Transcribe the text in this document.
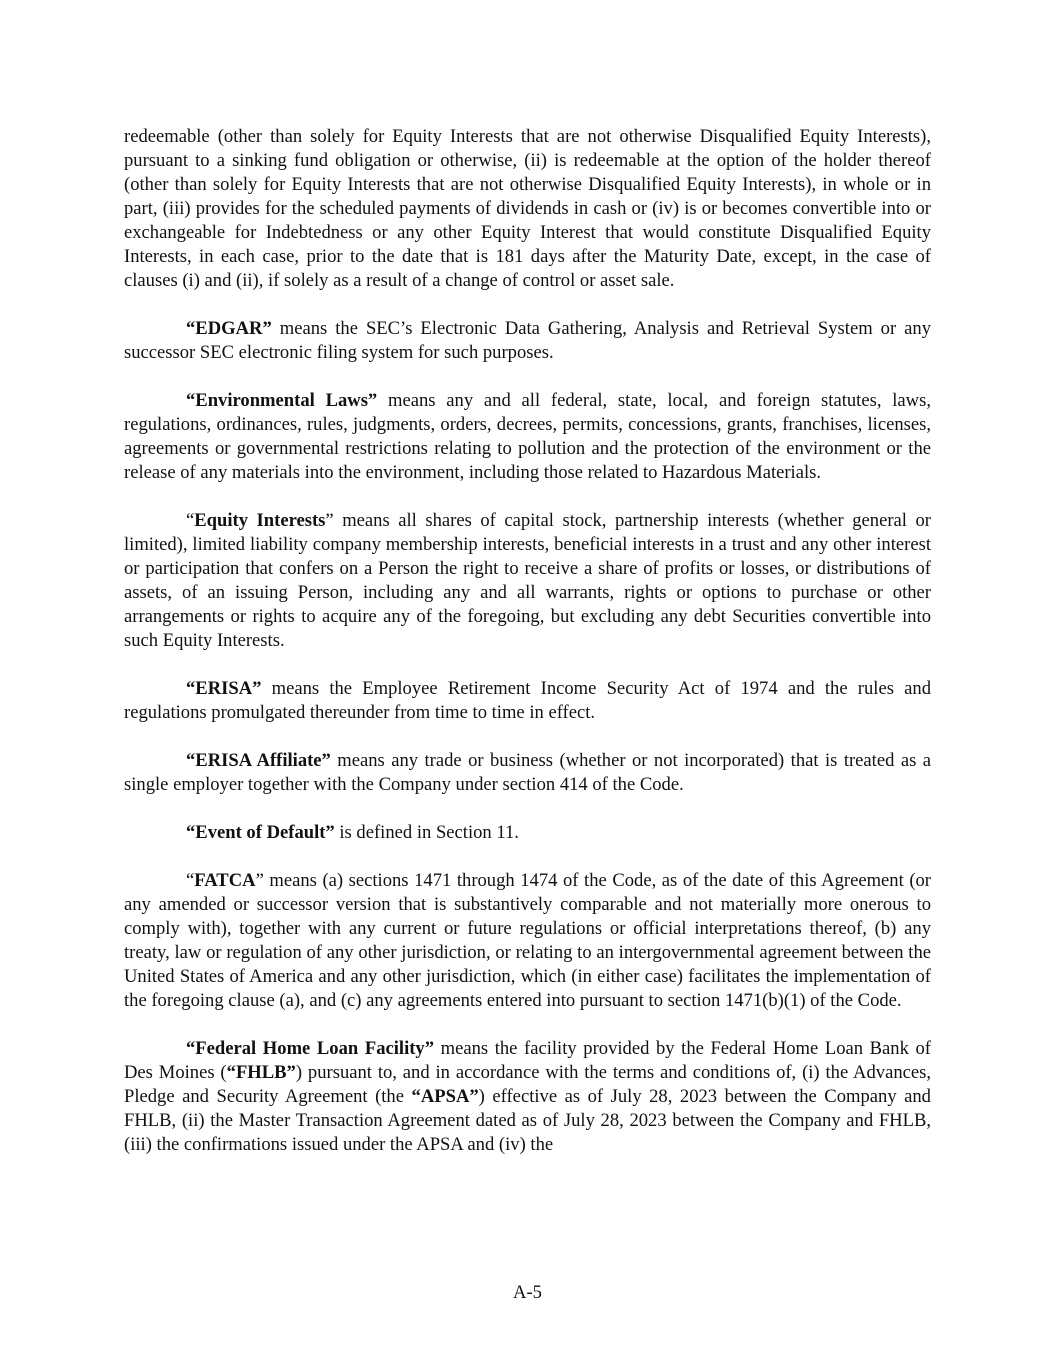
redeemable (other than solely for Equity Interests that are not otherwise Disqualified Equity Interests), pursuant to a sinking fund obligation or otherwise, (ii) is redeemable at the option of the holder thereof (other than solely for Equity Interests that are not otherwise Disqualified Equity Interests), in whole or in part, (iii) provides for the scheduled payments of dividends in cash or (iv) is or becomes convertible into or exchangeable for Indebtedness or any other Equity Interest that would constitute Disqualified Equity Interests, in each case, prior to the date that is 181 days after the Maturity Date, except, in the case of clauses (i) and (ii), if solely as a result of a change of control or asset sale.

“EDGAR” means the SEC’s Electronic Data Gathering, Analysis and Retrieval System or any successor SEC electronic filing system for such purposes.

“Environmental Laws” means any and all federal, state, local, and foreign statutes, laws, regulations, ordinances, rules, judgments, orders, decrees, permits, concessions, grants, franchises, licenses, agreements or governmental restrictions relating to pollution and the protection of the environment or the release of any materials into the environment, including those related to Hazardous Materials.

“Equity Interests” means all shares of capital stock, partnership interests (whether general or limited), limited liability company membership interests, beneficial interests in a trust and any other interest or participation that confers on a Person the right to receive a share of profits or losses, or distributions of assets, of an issuing Person, including any and all warrants, rights or options to purchase or other arrangements or rights to acquire any of the foregoing, but excluding any debt Securities convertible into such Equity Interests.

“ERISA” means the Employee Retirement Income Security Act of 1974 and the rules and regulations promulgated thereunder from time to time in effect.

“ERISA Affiliate” means any trade or business (whether or not incorporated) that is treated as a single employer together with the Company under section 414 of the Code.

“Event of Default” is defined in Section 11.

“FATCA” means (a) sections 1471 through 1474 of the Code, as of the date of this Agreement (or any amended or successor version that is substantively comparable and not materially more onerous to comply with), together with any current or future regulations or official interpretations thereof, (b) any treaty, law or regulation of any other jurisdiction, or relating to an intergovernmental agreement between the United States of America and any other jurisdiction, which (in either case) facilitates the implementation of the foregoing clause (a), and (c) any agreements entered into pursuant to section 1471(b)(1) of the Code.

“Federal Home Loan Facility” means the facility provided by the Federal Home Loan Bank of Des Moines (“FHLB”) pursuant to, and in accordance with the terms and conditions of, (i) the Advances, Pledge and Security Agreement (the “APSA”) effective as of July 28, 2023 between the Company and FHLB, (ii) the Master Transaction Agreement dated as of July 28, 2023 between the Company and FHLB, (iii) the confirmations issued under the APSA and (iv) the

A-5
